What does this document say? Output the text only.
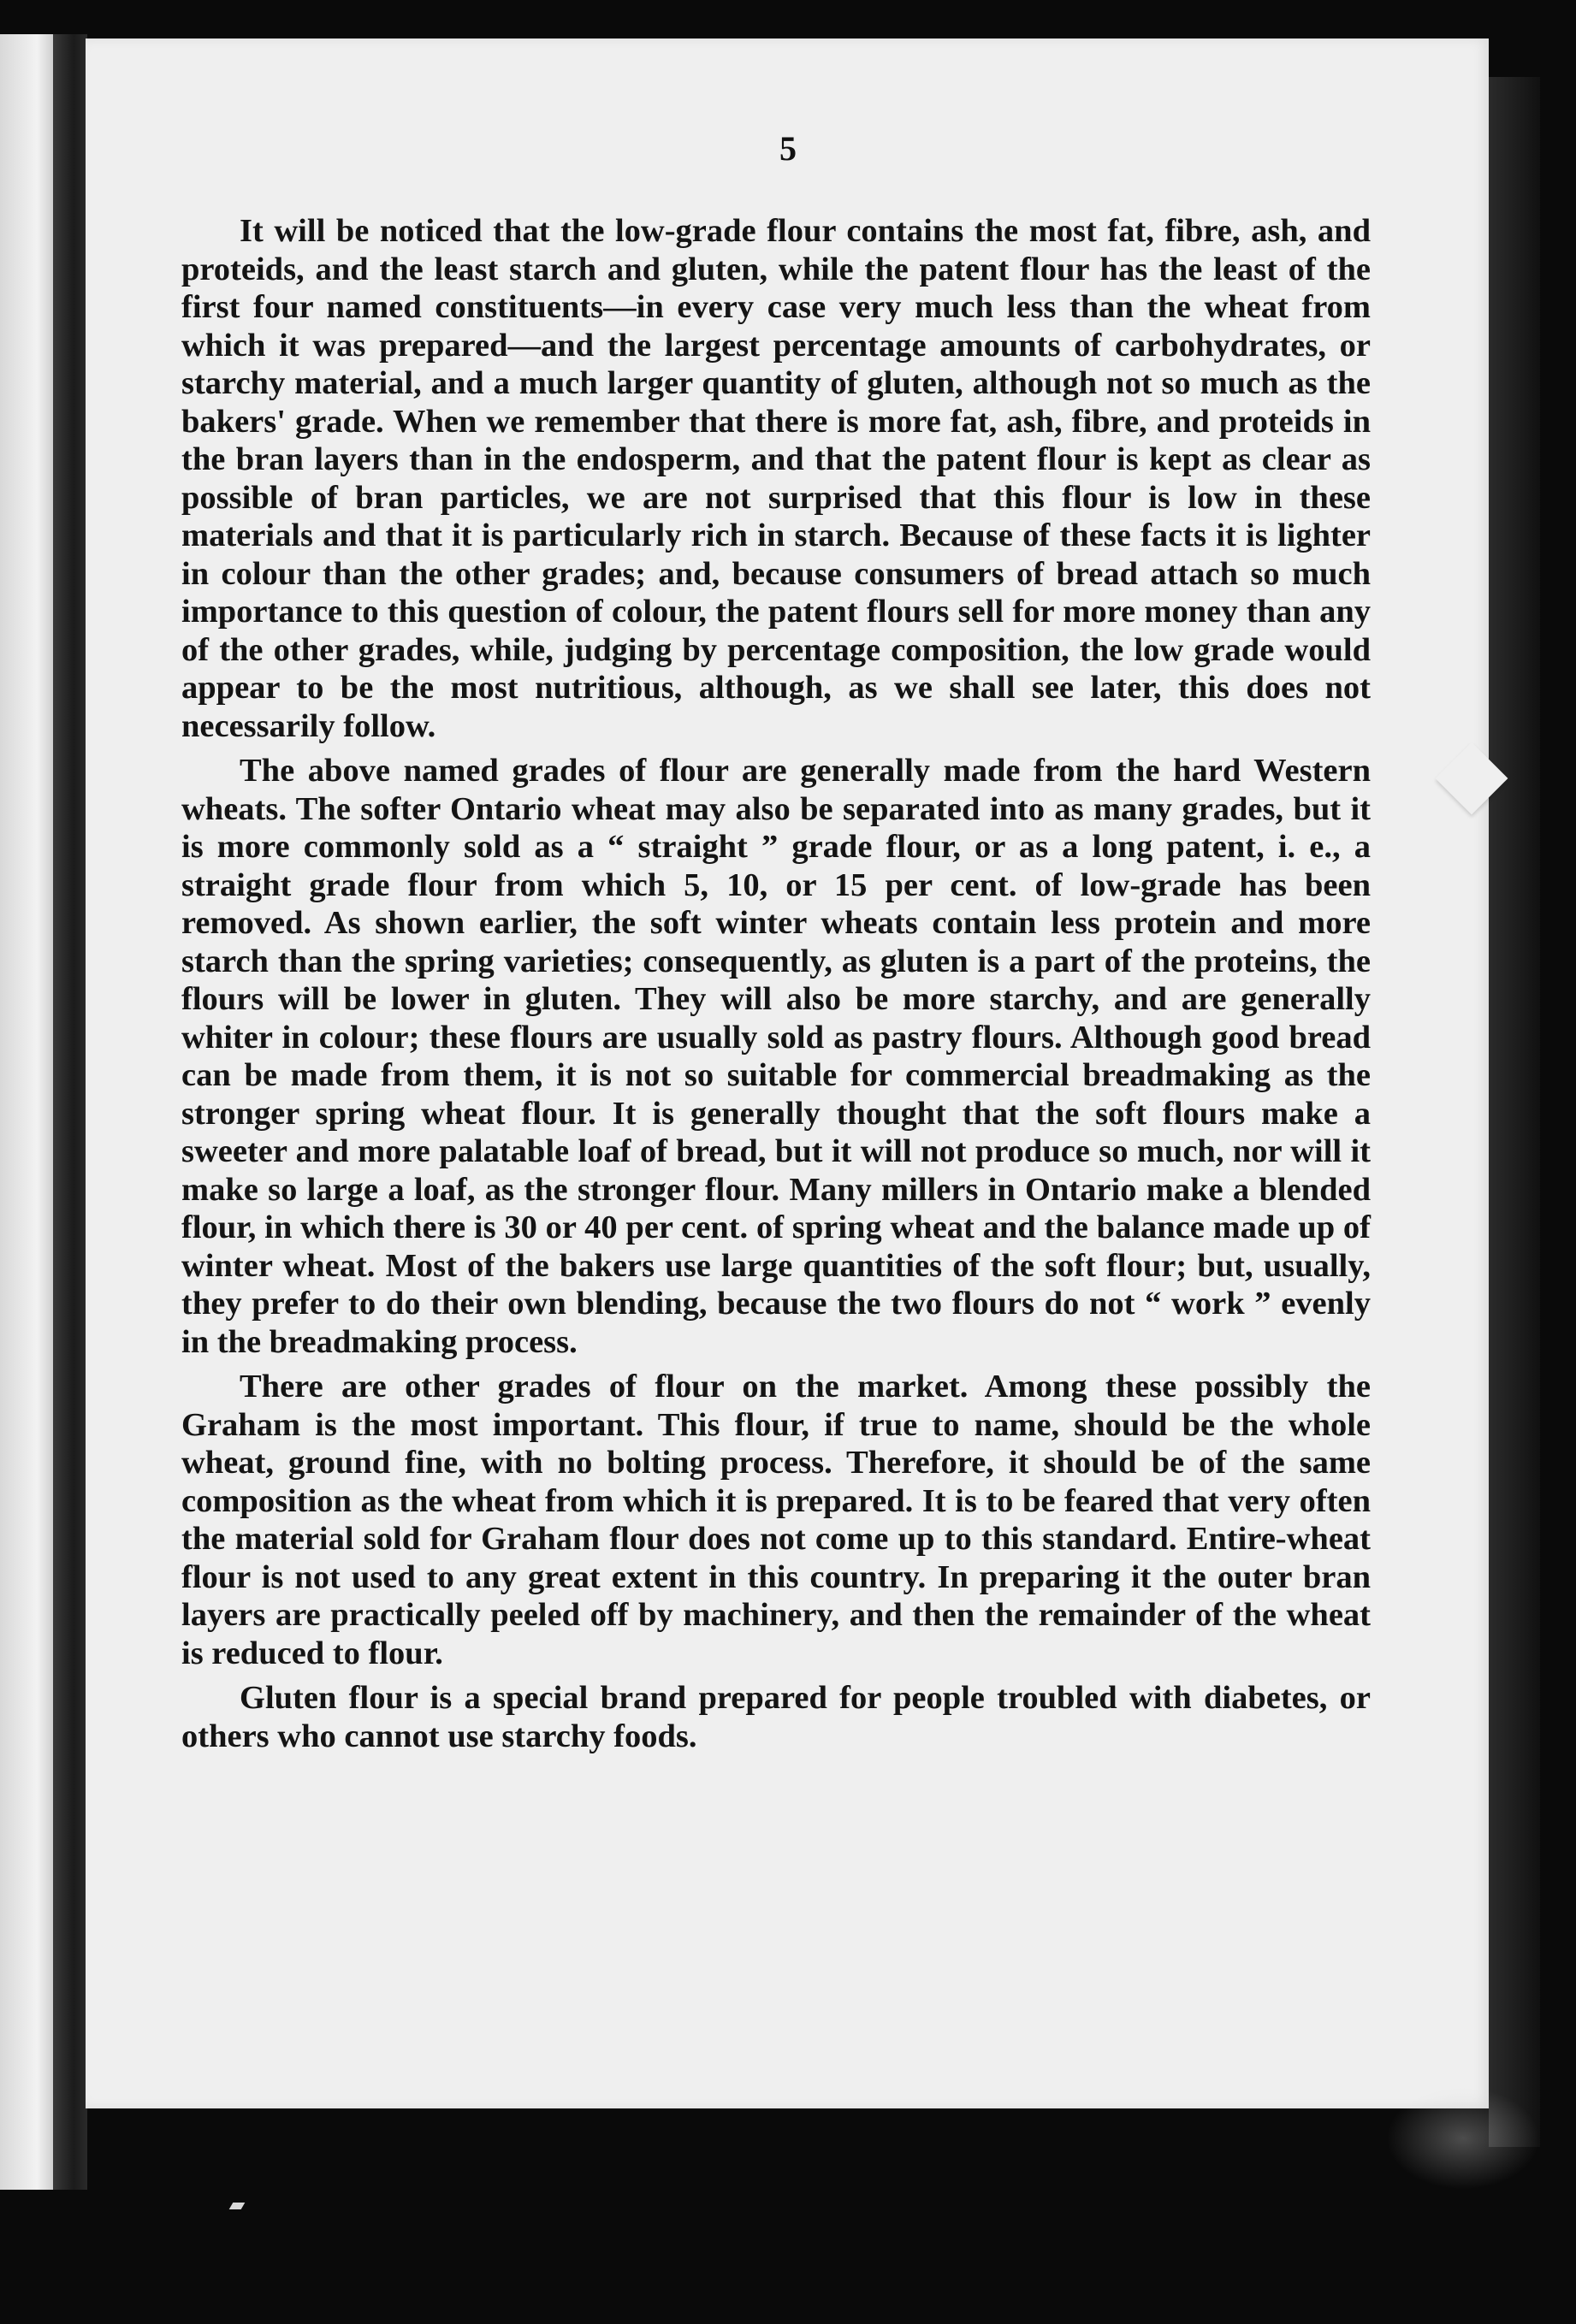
5

It will be noticed that the low-grade flour contains the most fat, fibre, ash, and proteids, and the least starch and gluten, while the patent flour has the least of the first four named constituents—in every case very much less than the wheat from which it was prepared—and the largest percentage amounts of carbohydrates, or starchy material, and a much larger quantity of gluten, although not so much as the bakers' grade. When we remember that there is more fat, ash, fibre, and proteids in the bran layers than in the endosperm, and that the patent flour is kept as clear as possible of bran particles, we are not surprised that this flour is low in these materials and that it is particularly rich in starch. Because of these facts it is lighter in colour than the other grades; and, because consumers of bread attach so much importance to this question of colour, the patent flours sell for more money than any of the other grades, while, judging by percentage composition, the low grade would appear to be the most nutritious, although, as we shall see later, this does not necessarily follow.

The above named grades of flour are generally made from the hard Western wheats. The softer Ontario wheat may also be separated into as many grades, but it is more commonly sold as a “ straight ” grade flour, or as a long patent, i. e., a straight grade flour from which 5, 10, or 15 per cent. of low-grade has been removed. As shown earlier, the soft winter wheats contain less protein and more starch than the spring varieties; consequently, as gluten is a part of the proteins, the flours will be lower in gluten. They will also be more starchy, and are generally whiter in colour; these flours are usually sold as pastry flours. Although good bread can be made from them, it is not so suitable for commercial breadmaking as the stronger spring wheat flour. It is generally thought that the soft flours make a sweeter and more palatable loaf of bread, but it will not produce so much, nor will it make so large a loaf, as the stronger flour. Many millers in Ontario make a blended flour, in which there is 30 or 40 per cent. of spring wheat and the balance made up of winter wheat. Most of the bakers use large quantities of the soft flour; but, usually, they prefer to do their own blending, because the two flours do not “ work ” evenly in the breadmaking process.

There are other grades of flour on the market. Among these possibly the Graham is the most important. This flour, if true to name, should be the whole wheat, ground fine, with no bolting process. Therefore, it should be of the same composition as the wheat from which it is prepared. It is to be feared that very often the material sold for Graham flour does not come up to this standard. Entire-wheat flour is not used to any great extent in this country. In preparing it the outer bran layers are practically peeled off by machinery, and then the remainder of the wheat is reduced to flour.

Gluten flour is a special brand prepared for people troubled with diabetes, or others who cannot use starchy foods.
